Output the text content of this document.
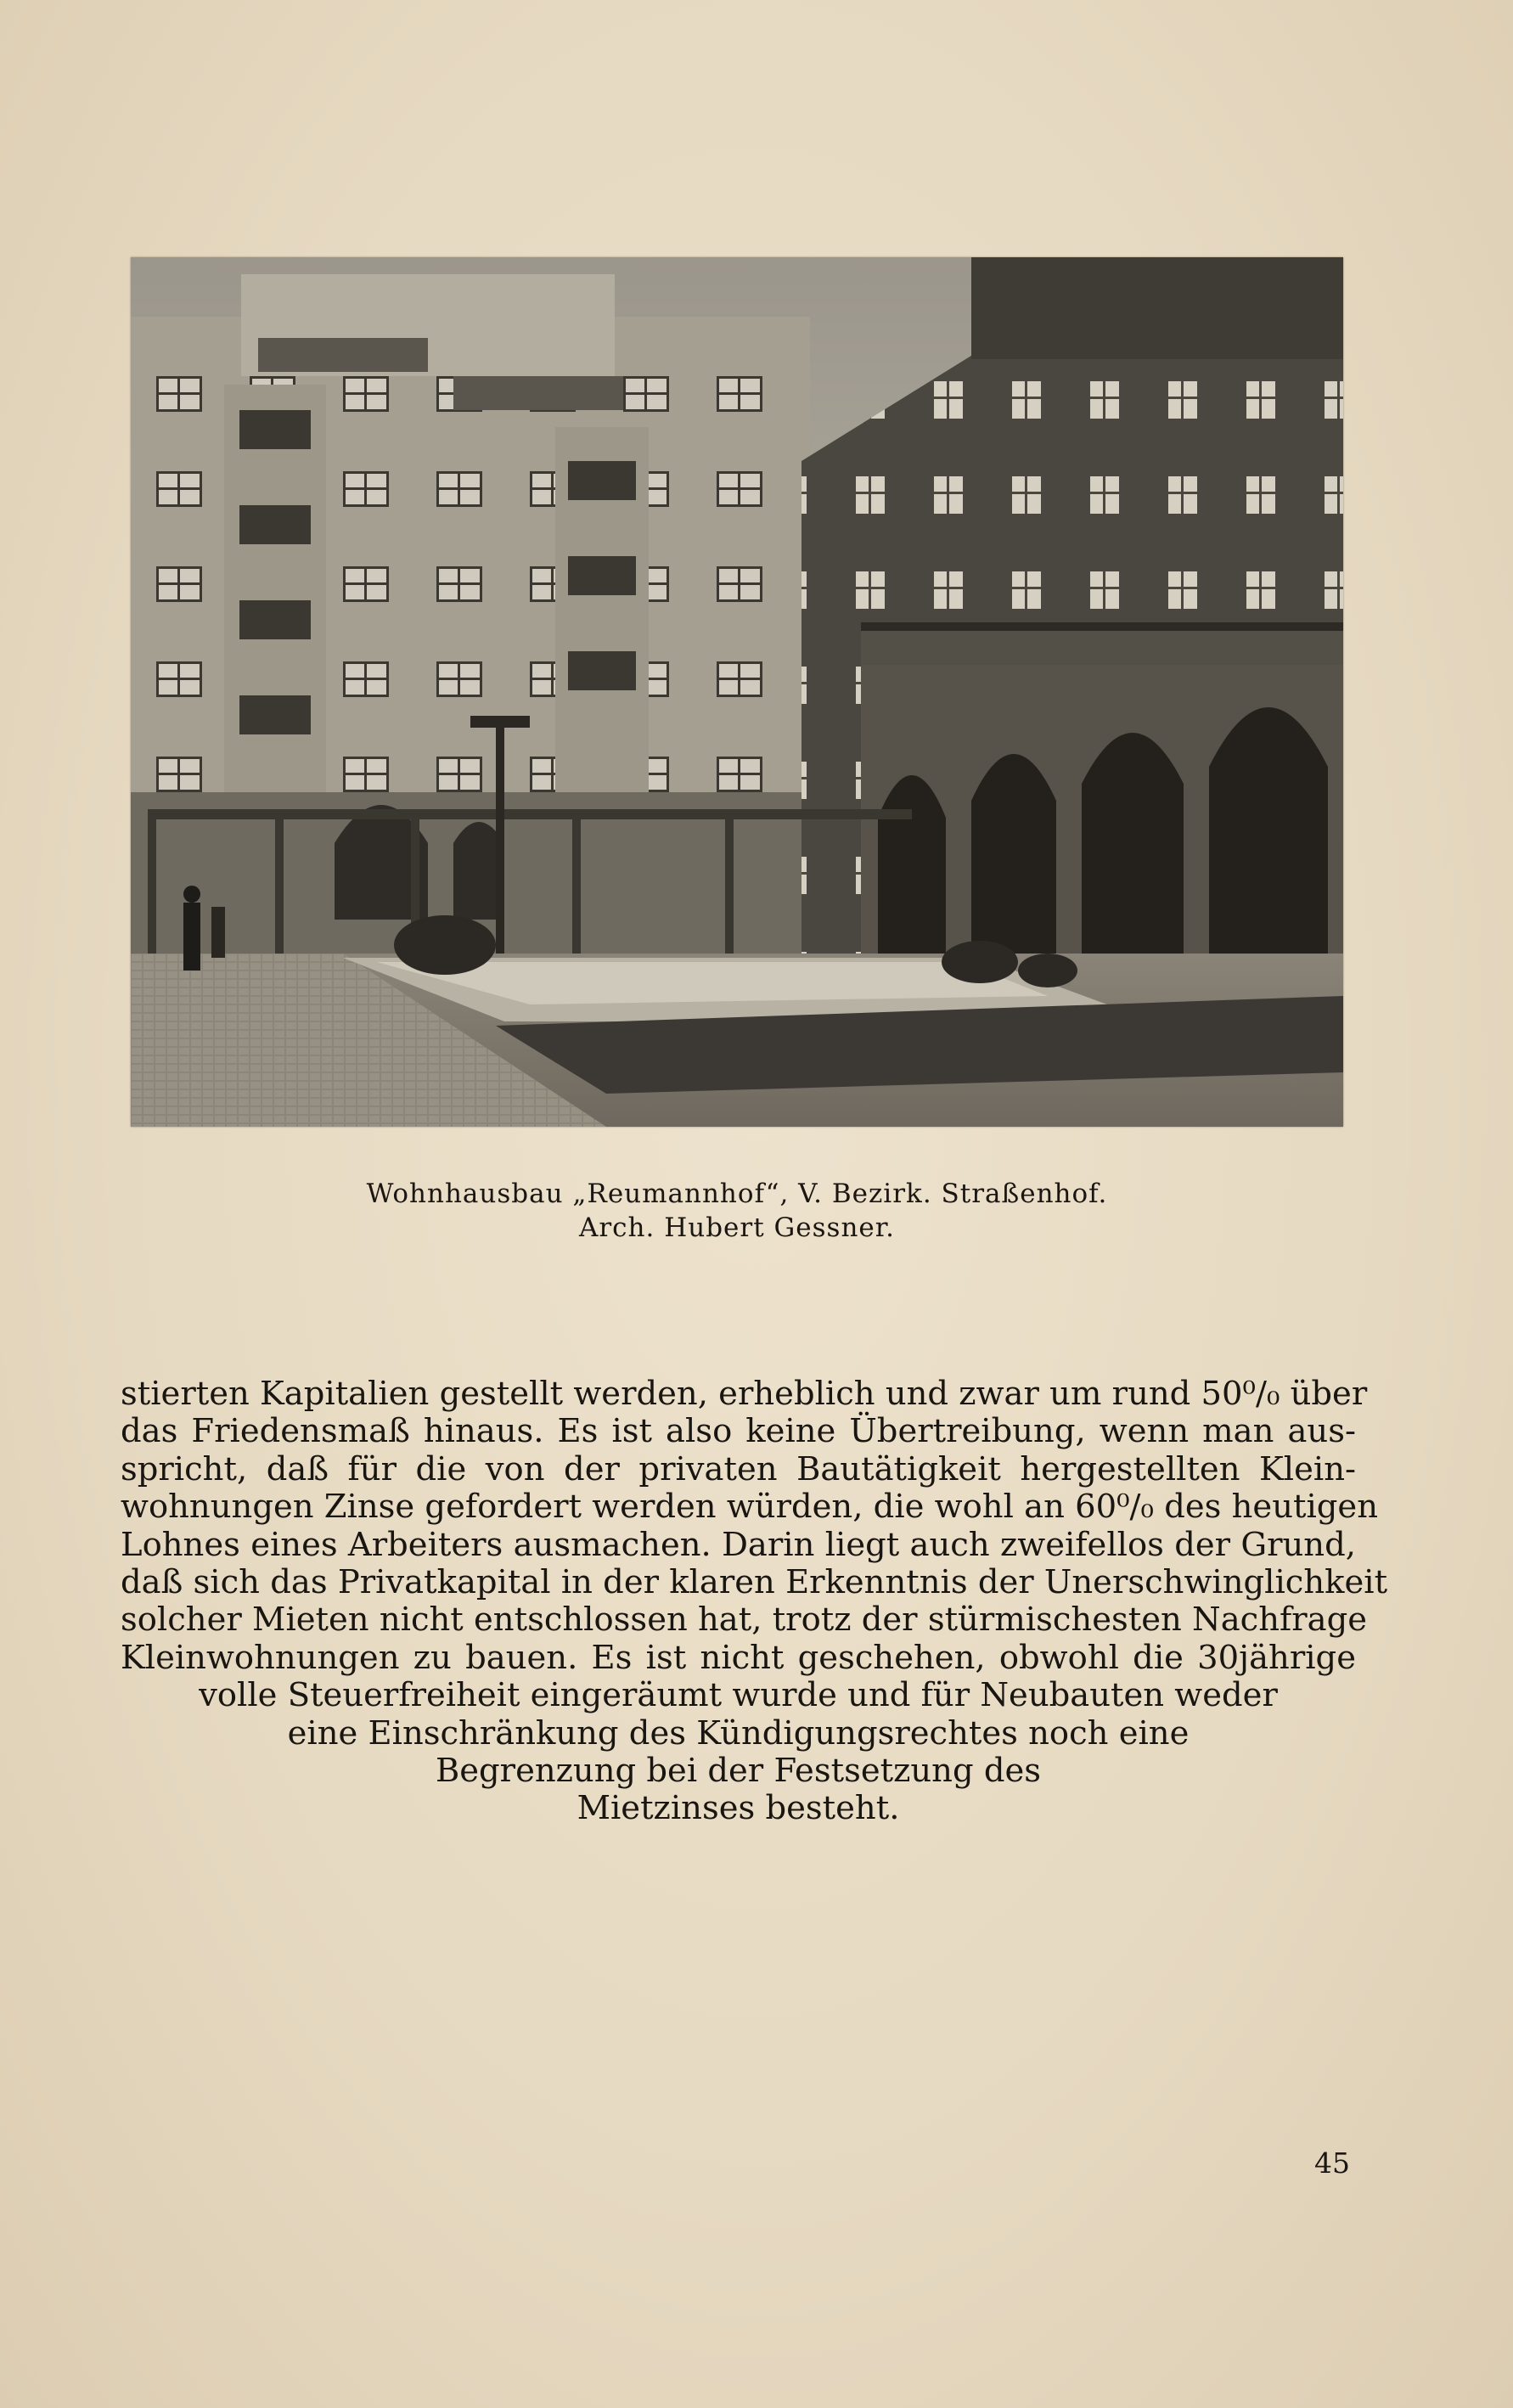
Wohnhausbau „Reumannhof“, V. Bezirk. Straßenhof.
Arch. Hubert Gessner.
stierten Kapitalien gestellt werden, erheblich und zwar um rund 50⁰/₀ über
das Friedensmaß hinaus. Es ist also keine Übertreibung, wenn man aus-
spricht, daß für die von der privaten Bautätigkeit hergestellten Klein-
wohnungen Zinse gefordert werden würden, die wohl an 60⁰/₀ des heutigen
Lohnes eines Arbeiters ausmachen. Darin liegt auch zweifellos der Grund,
daß sich das Privatkapital in der klaren Erkenntnis der Unerschwinglichkeit
solcher Mieten nicht entschlossen hat, trotz der stürmischesten Nachfrage
Kleinwohnungen zu bauen. Es ist nicht geschehen, obwohl die 30jährige
volle Steuerfreiheit eingeräumt wurde und für Neubauten weder
eine Einschränkung des Kündigungsrechtes noch eine
Begrenzung bei der Festsetzung des
Mietzinses besteht.
45
